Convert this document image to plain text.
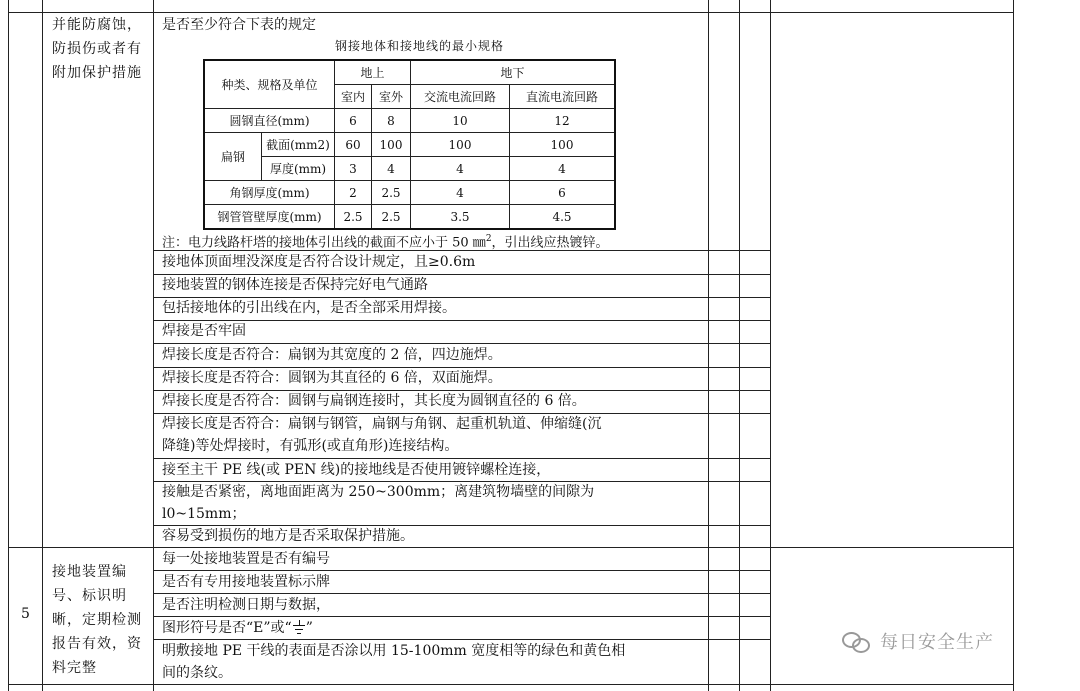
并能防腐蚀，防损伤或者有附加保护措施
是否至少符合下表的规定
钢接地体和接地线的最小规格
种类、规格及单位		地上		地下	
		室内	室外	交流电流回路	直流电流回路
圆钢直径(mm)		6	8	10	12
扁钢	截面(mm2)	60	100	100	100
	厚度(mm)	3	4	4	4
角钢厚度(mm)		2	2.5	4	6
钢管管壁厚度(mm)		2.5	2.5	3.5	4.5
注：电力线路杆塔的接地体引出线的截面不应小于 50 ㎜$^2$，引出线应热镀锌。
接地体顶面埋没深度是否符合设计规定，且≥0.6m
接地装置的钢体连接是否保持完好电气通路
包括接地体的引出线在内，是否全部采用焊接。
焊接是否牢固
焊接长度是否符合：扁钢为其宽度的 2 倍，四边施焊。
焊接长度是否符合：圆钢为其直径的 6 倍，双面施焊。
焊接长度是否符合：圆钢与扁钢连接时，其长度为圆钢直径的 6 倍。
焊接长度是否符合：扁钢与钢管，扁钢与角钢、起重机轨道、伸缩缝(沉
降缝)等处焊接时，有弧形(或直角形)连接结构。
接至主干 PE 线(或 PEN 线)的接地线是否使用镀锌螺栓连接，
接触是否紧密，离地面距离为 250~300mm；离建筑物墙壁的间隙为
l0~15mm；
容易受到损伤的地方是否采取保护措施。
5
接地装置编号、标识明晰，定期检测报告有效，资料完整
每一处接地装置是否有编号
是否有专用接地装置标示牌
是否注明检测日期与数据，
图形符号是否“E”或“ ”
明敷接地 PE 干线的表面是否涂以用 15-100mm 宽度相等的绿色和黄色相
间的条纹。
每日安全生产
